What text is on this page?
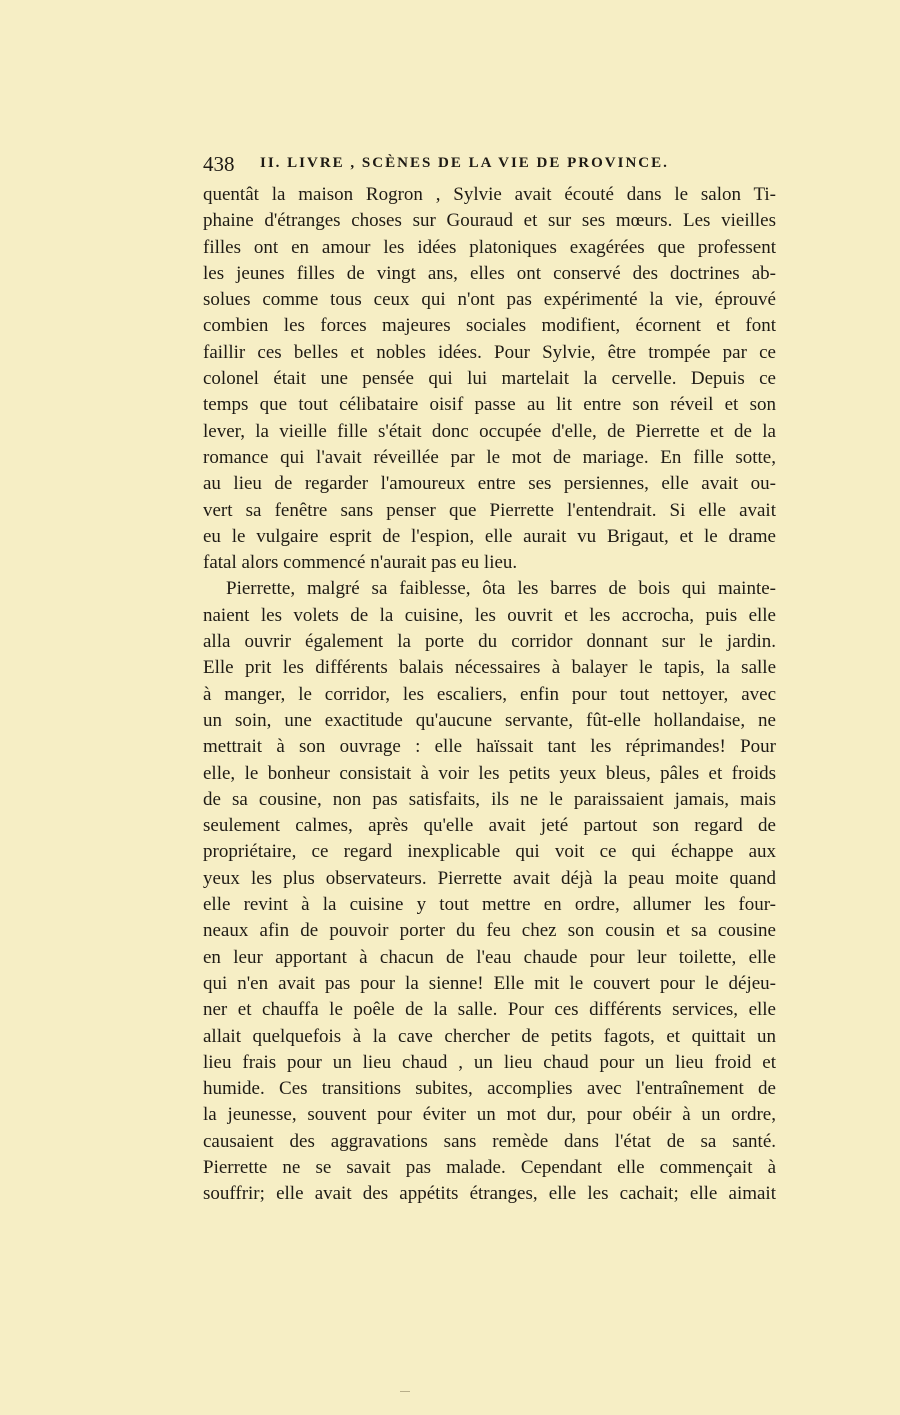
438 II. LIVRE , SCÈNES DE LA VIE DE PROVINCE.
quentât la maison Rogron , Sylvie avait écouté dans le salon Ti-
phaine d'étranges choses sur Gouraud et sur ses mœurs. Les vieilles
filles ont en amour les idées platoniques exagérées que professent
les jeunes filles de vingt ans, elles ont conservé des doctrines ab-
solues comme tous ceux qui n'ont pas expérimenté la vie, éprouvé
combien les forces majeures sociales modifient, écornent et font
faillir ces belles et nobles idées. Pour Sylvie, être trompée par ce
colonel était une pensée qui lui martelait la cervelle. Depuis ce
temps que tout célibataire oisif passe au lit entre son réveil et son
lever, la vieille fille s'était donc occupée d'elle, de Pierrette et de la
romance qui l'avait réveillée par le mot de mariage. En fille sotte,
au lieu de regarder l'amoureux entre ses persiennes, elle avait ou-
vert sa fenêtre sans penser que Pierrette l'entendrait. Si elle avait
eu le vulgaire esprit de l'espion, elle aurait vu Brigaut, et le drame
fatal alors commencé n'aurait pas eu lieu.
Pierrette, malgré sa faiblesse, ôta les barres de bois qui mainte-
naient les volets de la cuisine, les ouvrit et les accrocha, puis elle
alla ouvrir également la porte du corridor donnant sur le jardin.
Elle prit les différents balais nécessaires à balayer le tapis, la salle
à manger, le corridor, les escaliers, enfin pour tout nettoyer, avec
un soin, une exactitude qu'aucune servante, fût-elle hollandaise, ne
mettrait à son ouvrage : elle haïssait tant les réprimandes! Pour
elle, le bonheur consistait à voir les petits yeux bleus, pâles et froids
de sa cousine, non pas satisfaits, ils ne le paraissaient jamais, mais
seulement calmes, après qu'elle avait jeté partout son regard de
propriétaire, ce regard inexplicable qui voit ce qui échappe aux
yeux les plus observateurs. Pierrette avait déjà la peau moite quand
elle revint à la cuisine y tout mettre en ordre, allumer les four-
neaux afin de pouvoir porter du feu chez son cousin et sa cousine
en leur apportant à chacun de l'eau chaude pour leur toilette, elle
qui n'en avait pas pour la sienne! Elle mit le couvert pour le déjeu-
ner et chauffa le poêle de la salle. Pour ces différents services, elle
allait quelquefois à la cave chercher de petits fagots, et quittait un
lieu frais pour un lieu chaud , un lieu chaud pour un lieu froid et
humide. Ces transitions subites, accomplies avec l'entraînement de
la jeunesse, souvent pour éviter un mot dur, pour obéir à un ordre,
causaient des aggravations sans remède dans l'état de sa santé.
Pierrette ne se savait pas malade. Cependant elle commençait à
souffrir; elle avait des appétits étranges, elle les cachait; elle aimait
